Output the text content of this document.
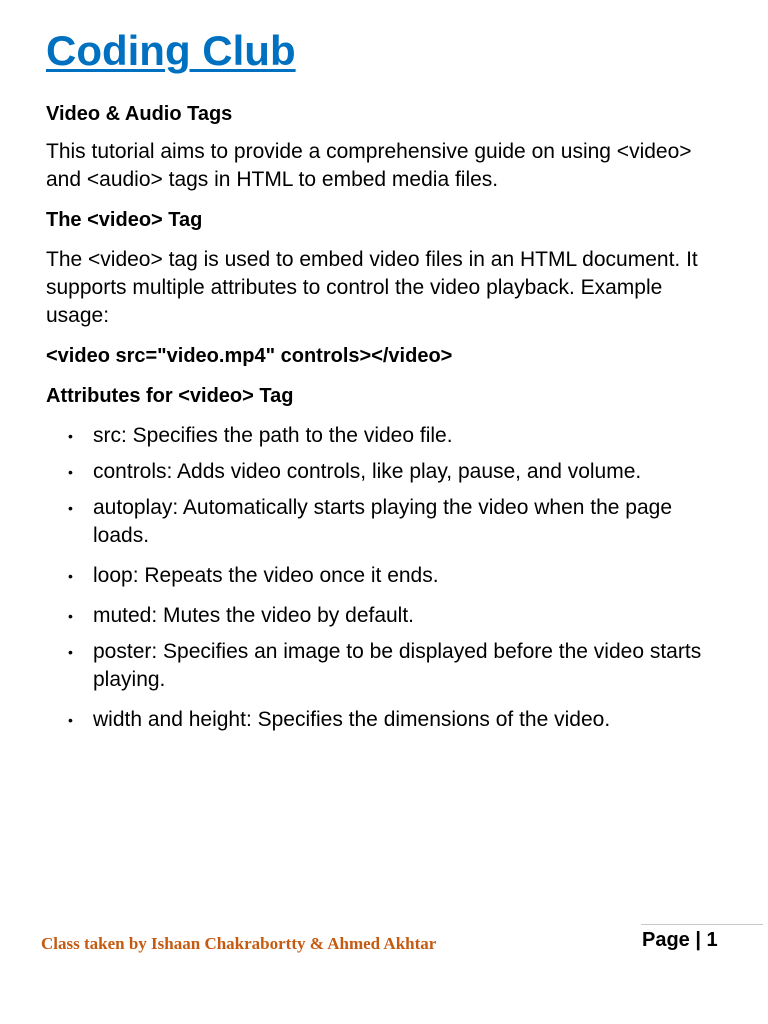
Coding Club

Video & Audio Tags

This tutorial aims to provide a comprehensive guide on using <video> and <audio> tags in HTML to embed media files.

The <video> Tag

The <video> tag is used to embed video files in an HTML document. It supports multiple attributes to control the video playback. Example usage:

<video src="video.mp4" controls></video>

Attributes for <video> Tag

• src: Specifies the path to the video file.
• controls: Adds video controls, like play, pause, and volume.
• autoplay: Automatically starts playing the video when the page loads.
• loop: Repeats the video once it ends.
• muted: Mutes the video by default.
• poster: Specifies an image to be displayed before the video starts playing.
• width and height: Specifies the dimensions of the video.
Class taken by Ishaan Chakrabortty & Ahmed Akhtar	Page | 1
